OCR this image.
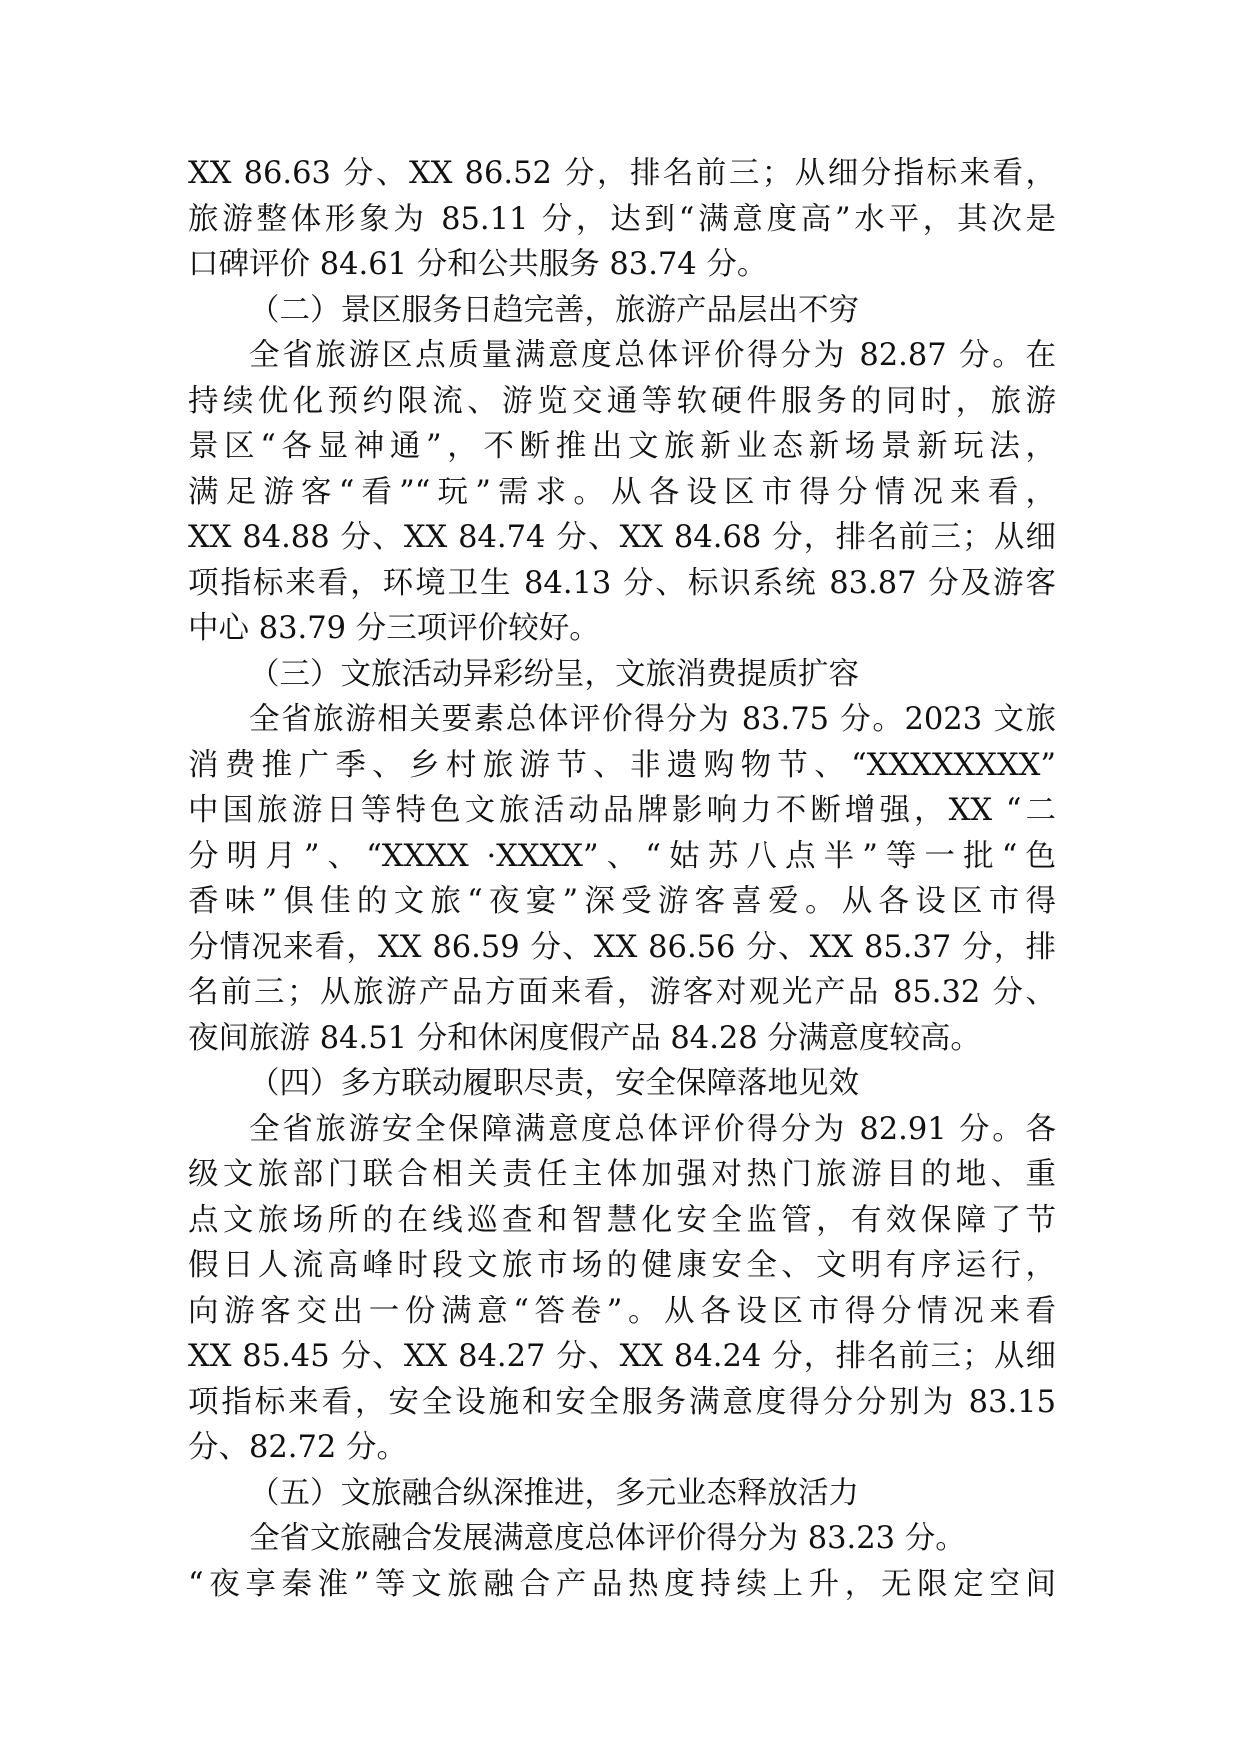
XX 86.63 分、XX 86.52 分，排名前三；从细分指标来看，
旅游整体形象为 85.11 分，达到“满意度高”水平，其次是
口碑评价 84.61 分和公共服务 83.74 分。
（二）景区服务日趋完善，旅游产品层出不穷
全省旅游区点质量满意度总体评价得分为 82.87 分。在
持续优化预约限流、游览交通等软硬件服务的同时，旅游
景区“各显神通”，不断推出文旅新业态新场景新玩法，
满足游客“看”“玩”需求。从各设区市得分情况来看，
XX 84.88 分、XX 84.74 分、XX 84.68 分，排名前三；从细
项指标来看，环境卫生 84.13 分、标识系统 83.87 分及游客
中心 83.79 分三项评价较好。
（三）文旅活动异彩纷呈，文旅消费提质扩容
全省旅游相关要素总体评价得分为 83.75 分。2023 文旅
消费推广季、乡村旅游节、非遗购物节、“XXXXXXXX”
中国旅游日等特色文旅活动品牌影响力不断增强，XX “二
分明月”、“XXXX ·XXXX”、“姑苏八点半”等一批“色
香味”俱佳的文旅“夜宴”深受游客喜爱。从各设区市得
分情况来看，XX 86.59 分、XX 86.56 分、XX 85.37 分，排
名前三；从旅游产品方面来看，游客对观光产品 85.32 分、
夜间旅游 84.51 分和休闲度假产品 84.28 分满意度较高。
（四）多方联动履职尽责，安全保障落地见效
全省旅游安全保障满意度总体评价得分为 82.91 分。各
级文旅部门联合相关责任主体加强对热门旅游目的地、重
点文旅场所的在线巡查和智慧化安全监管，有效保障了节
假日人流高峰时段文旅市场的健康安全、文明有序运行，
向游客交出一份满意“答卷”。从各设区市得分情况来看
XX 85.45 分、XX 84.27 分、XX 84.24 分，排名前三；从细
项指标来看，安全设施和安全服务满意度得分分别为 83.15
分、82.72 分。
（五）文旅融合纵深推进，多元业态释放活力
全省文旅融合发展满意度总体评价得分为 83.23 分。
“夜享秦淮”等文旅融合产品热度持续上升，无限定空间
